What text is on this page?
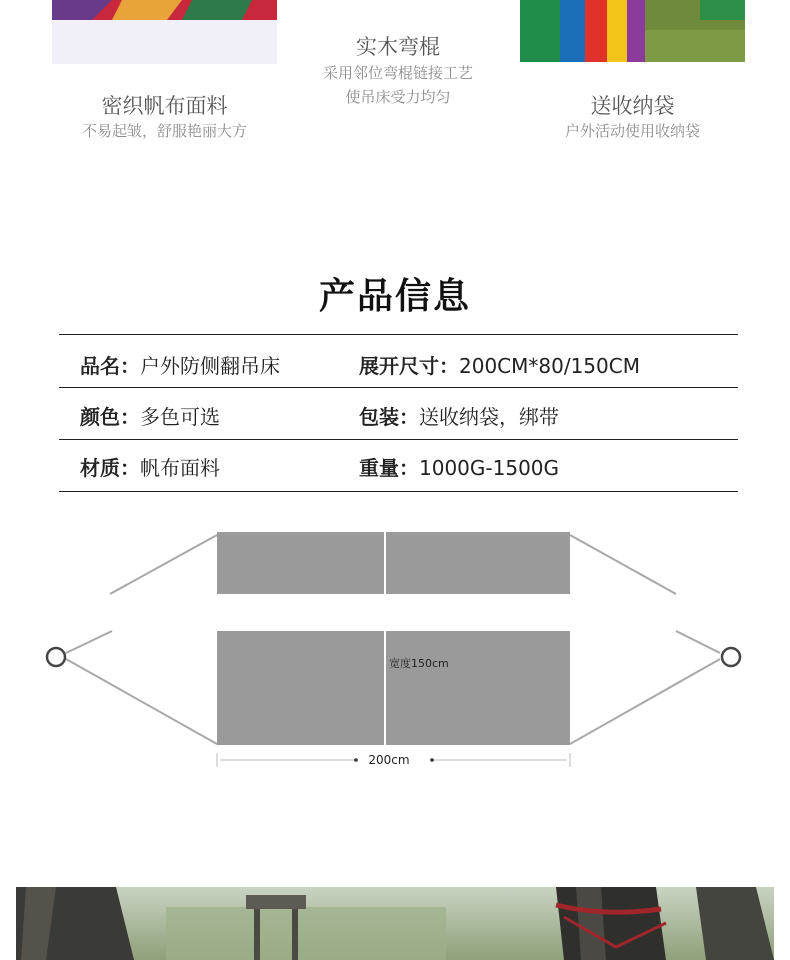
密织帆布面料
不易起皱，舒服艳丽大方
实木弯棍
采用邻位弯棍链接工艺
使吊床受力均匀	送收纳袋
户外活动使用收纳袋
产品信息
品名：户外防侧翻吊床	展开尺寸：200CM*80/150CM
颜色：多色可选	包装：送收纳袋，绑带
材质：帆布面料	重量：1000G-1500G
宽度150cm
200cm
